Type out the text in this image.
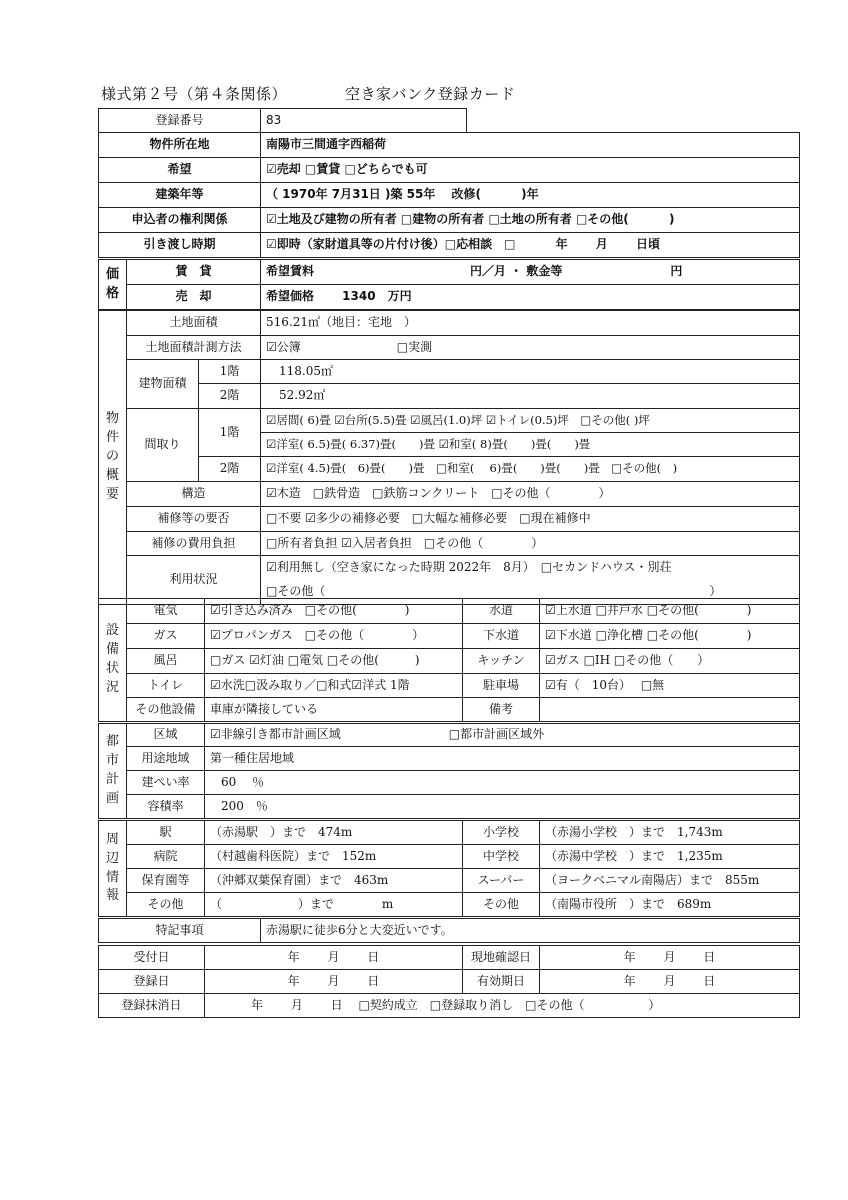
様式第２号（第４条関係）	空き家バンク登録カード
登録番号	83
物件所在地	南陽市三間通字西稲荷
希望	☑売却 □賃貸 □どちらでも可
建築年等	（ 1970年 7月31日 )築 55年　 改修(　　 　)年
申込者の権利関係	☑土地及び建物の所有者 □建物の所有者 □土地の所有者 □その他(　　　 )
引き渡し時期	☑即時（家財道具等の片付け後）□応相談　□　　　 年　　 月　　 日頃
価
格	賃　貸	希望賃料　　　　　　　　　　　　　円／月 ・ 敷金等　　　　　　　　　円
	売　却	希望価格　　 1340　万円
物
件
の
概
要	土地面積		516.21㎡（地目：宅地　）
	土地面積計測方法		☑公簿　　　　　　　　□実測
	建物面積	1階	118.05㎡
		2階	52.92㎡
	間取り	1階	☑居間( 6)畳 ☑台所(5.5)畳 ☑風呂(1.0)坪 ☑トイレ(0.5)坪　□その他( )坪
			☑洋室( 6.5)畳( 6.37)畳(　　)畳 ☑和室( 8)畳(　　)畳(　　)畳
		2階	☑洋室( 4.5)畳(　6)畳(　　)畳　□和室(　 6)畳(　　)畳(　　)畳　□その他(　)
	構造		☑木造　□鉄骨造　□鉄筋コンクリート　□その他（　　　　）
	補修等の要否		□不要 ☑多少の補修必要　□大幅な補修必要　□現在補修中
	補修の費用負担		□所有者負担 ☑入居者負担　□その他（　　　　）
	利用状況		☑利用無し（空き家になった時期 2022年　8月）　□セカンドハウス・別荘
			□その他（　　　　　　　　　　　　　　　　　　　　　　　　　　　　　　　　）
設
備
状
況	電気	☑引き込み済み　□その他(　　　　)	水道	☑上水道 □井戸水 □その他(　　　　)
	ガス	☑プロパンガス　□その他（　　　　）	下水道	☑下水道 □浄化槽 □その他(　　　　)
	風呂	□ガス ☑灯油 □電気 □その他(　　　)	キッチン	☑ガス □IH □その他（　　）
	トイレ	☑水洗□汲み取り／□和式☑洋式 1階	駐車場	☑有（　10台）　 □無
	その他設備	車庫が隣接している	備考	
都
市
計
画	区域	☑非線引き都市計画区域　　　　　　　　　□都市計画区域外
	用途地域	第一種住居地域
	建ぺい率	60　 ％
	容積率	200　％
周
辺
情
報	駅	（赤湯駅　）まで　474m	小学校	（赤湯小学校　）まで　1,743m
	病院	（村越歯科医院）まで　152m	中学校	（赤湯中学校　）まで　1,235m
	保育園等	（沖郷双葉保育園）まで　463m	スーパー	（ヨークベニマル南陽店）まで　855m
	その他	（　　　　　　 ）まで　　　　m	その他	（南陽市役所　）まで　689m
特記事項	赤湯駅に徒歩6分と大変近いです。
受付日	年　　 月　　 日	現地確認日	年　　 月　　 日
登録日	年　　 月　　 日	有効期日	年　　 月　　 日
登録抹消日	年　　 月　　 日　 □契約成立　□登録取り消し　□その他（　　　　　 ）		
